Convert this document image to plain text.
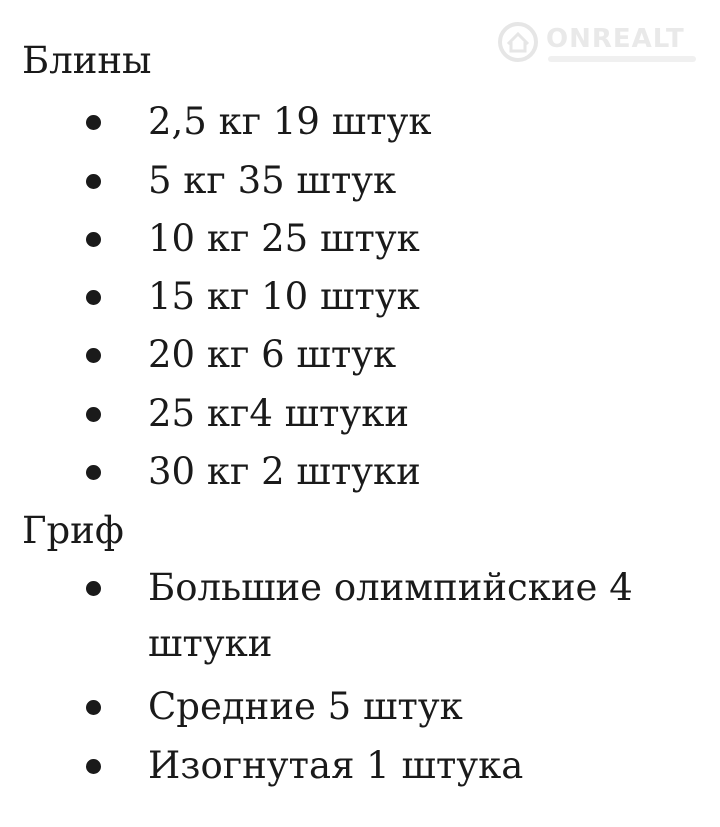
ONREALT
Блины
2,5 кг 19 штук
5 кг 35 штук
10 кг 25 штук
15 кг 10 штук
20 кг 6 штук
25 кг4 штуки
30 кг 2 штуки
Гриф
Большие олимпийские 4 штуки
Средние 5 штук
Изогнутая 1 штука
